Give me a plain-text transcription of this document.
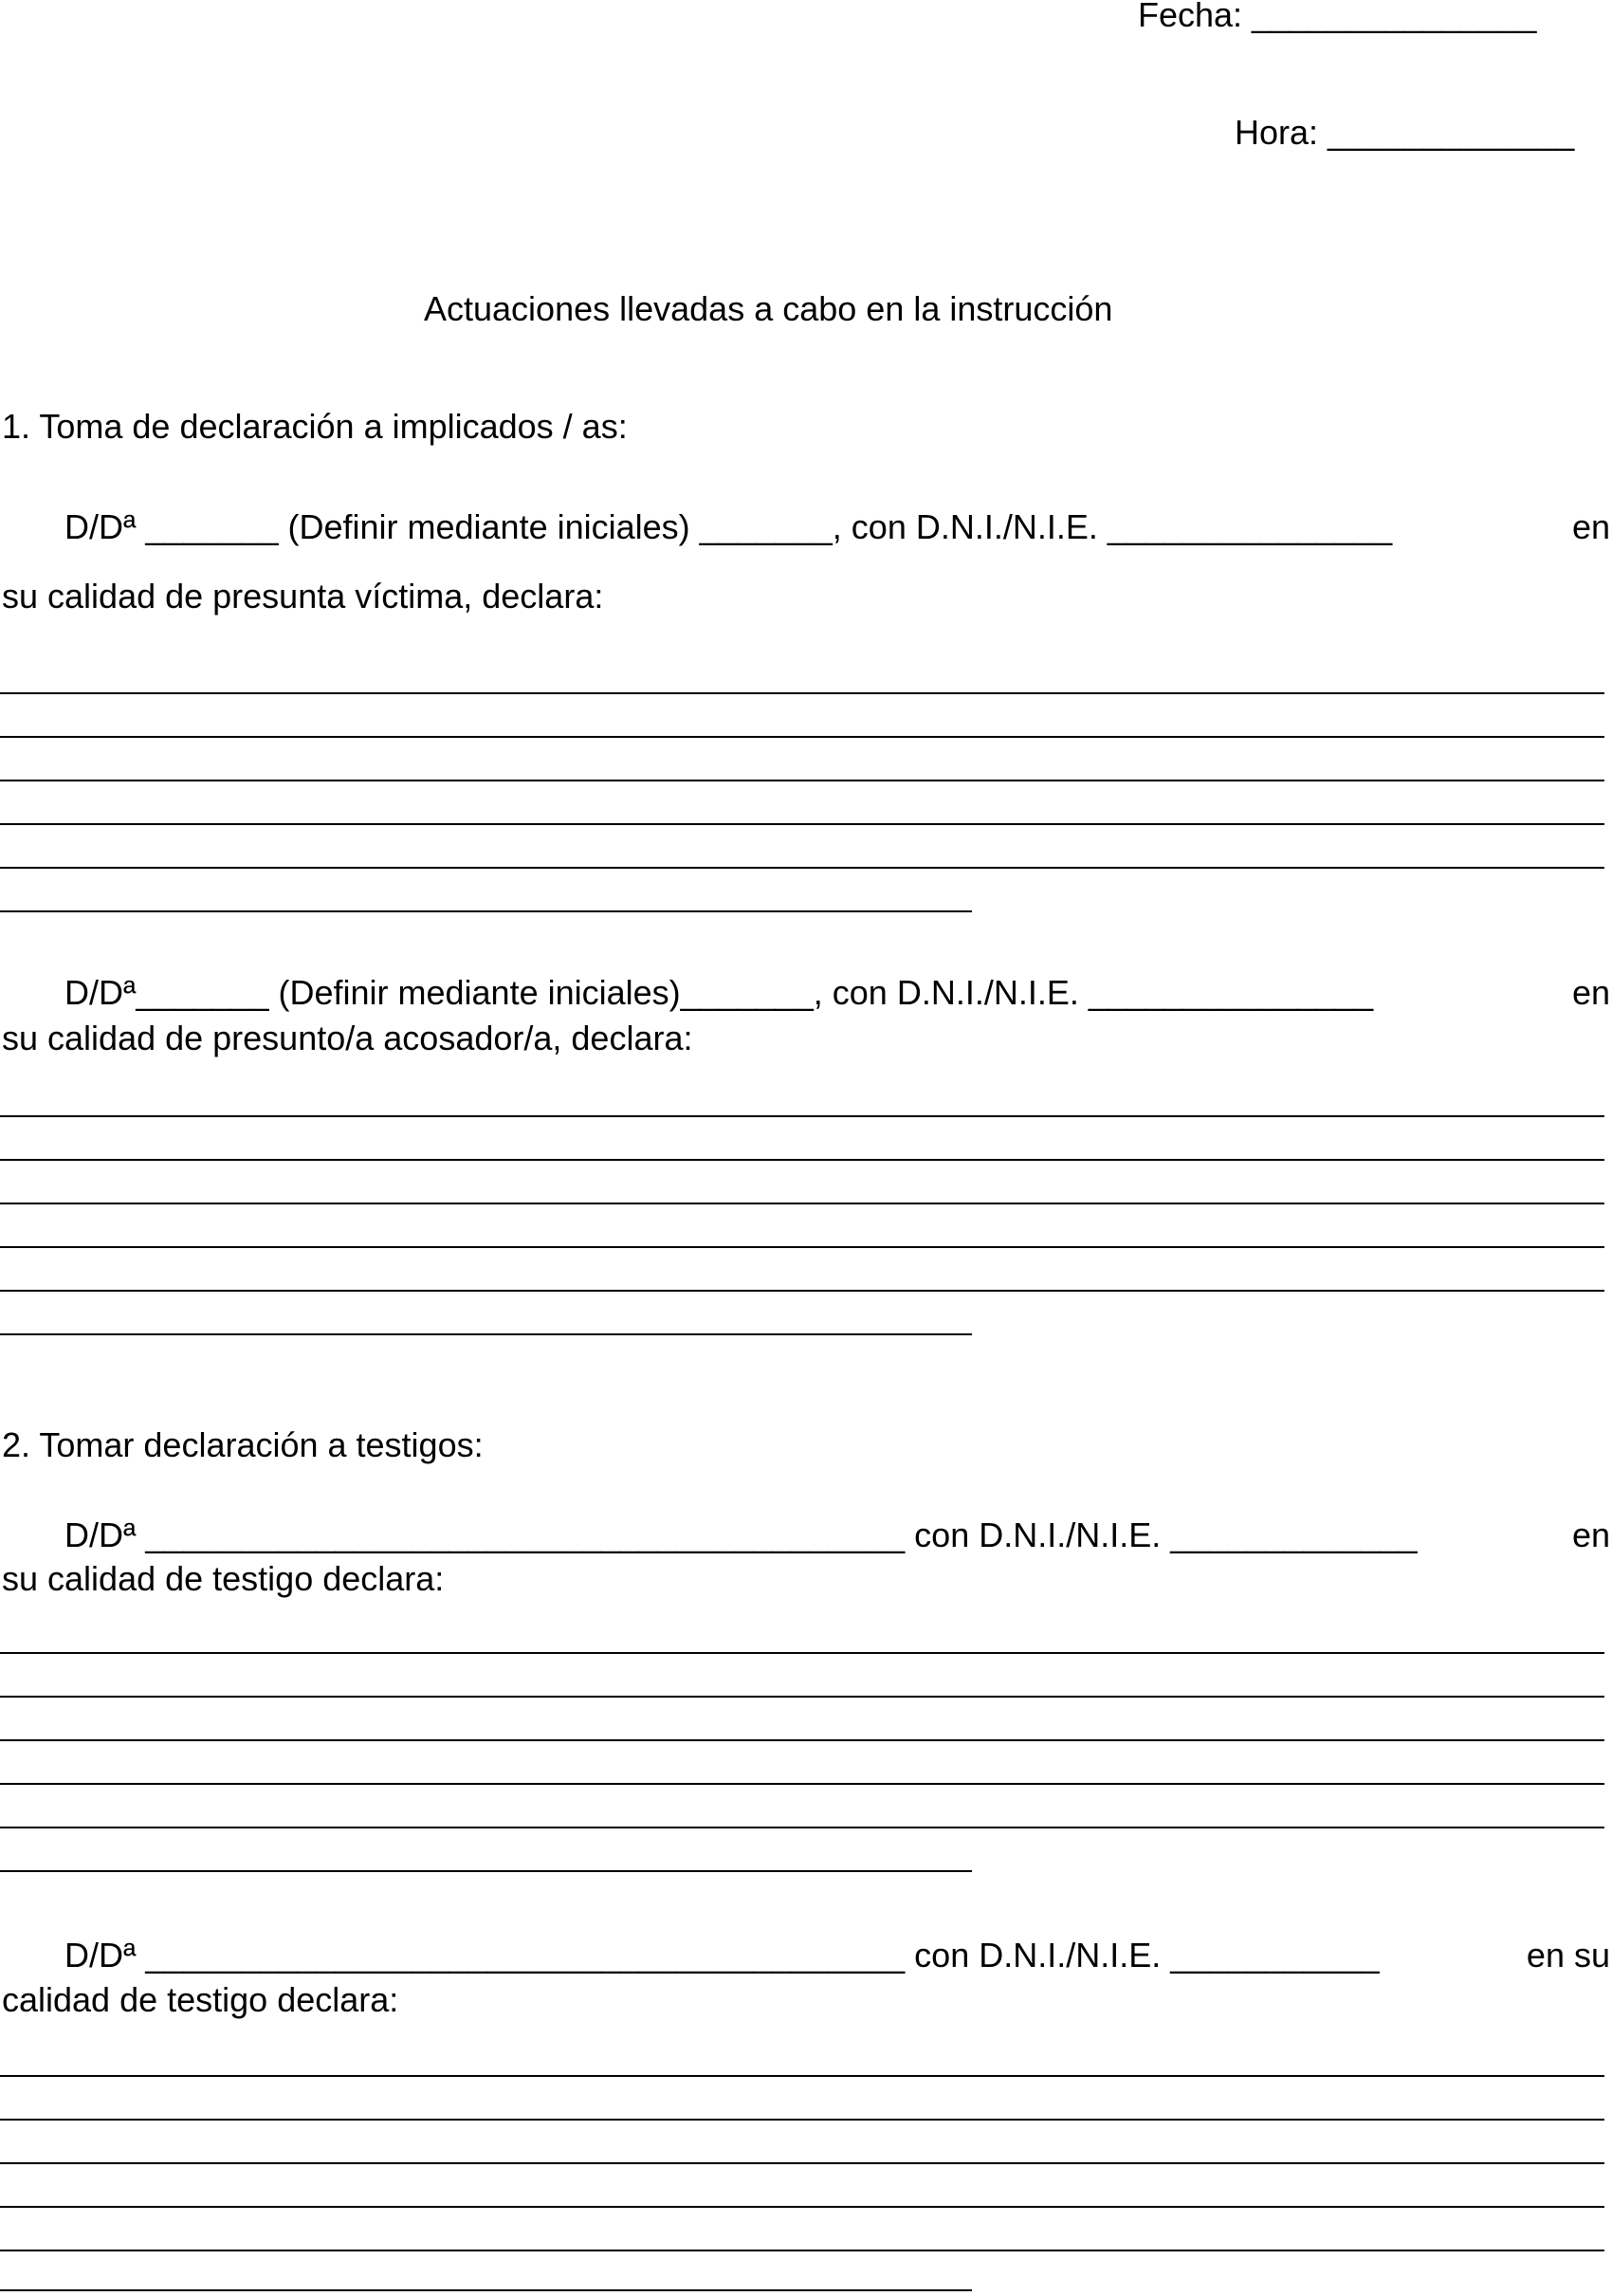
Fecha: _______________
Hora: _____________
Actuaciones llevadas a cabo en la instrucción
1. Toma de declaración a implicados / as:
D/Dª _______ (Definir mediante iniciales) _______, con D.N.I./N.I.E. _______________	en
su calidad de presunta víctima, declara:
D/Dª_______ (Definir mediante iniciales)_______, con D.N.I./N.I.E. _______________	en
su calidad de presunto/a acosador/a, declara:
2. Tomar declaración a testigos:
D/Dª ________________________________________ con D.N.I./N.I.E. _____________	en
su calidad de testigo declara:
D/Dª ________________________________________ con D.N.I./N.I.E. ___________	en su
calidad de testigo declara:
